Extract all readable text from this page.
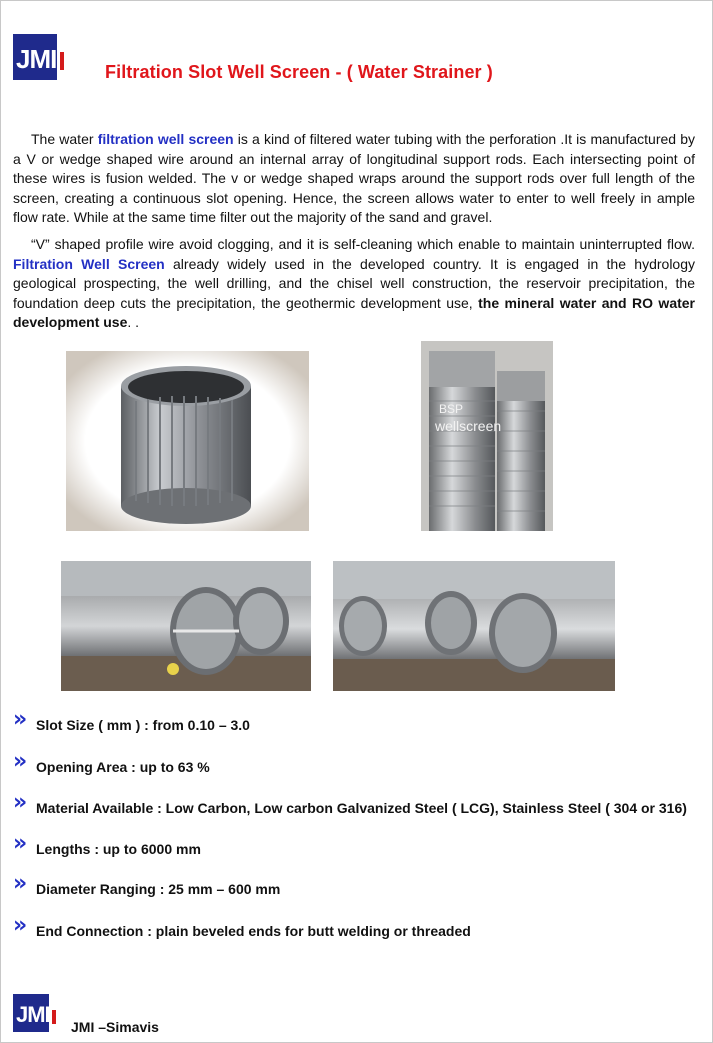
JMI	Filtration Slot Well Screen - ( Water Strainer )
The water filtration well screen is a kind of filtered water tubing with the perforation .It is manufactured by a V or wedge shaped wire around an internal array of longitudinal support rods. Each intersecting point of these wires is fusion welded. The v or wedge shaped wraps around the support rods over full length of the screen, creating a continuous slot opening. Hence, the screen allows water to enter to well freely in ample flow rate. While at the same time filter out the majority of the sand and gravel.
“V” shaped profile wire avoid clogging, and it is self-cleaning which enable to maintain uninterrupted flow. Filtration Well Screen already widely used in the developed country. It is engaged in the hydrology geological prospecting, the well drilling, and the chisel well construction, the reservoir precipitation, the foundation deep cuts the precipitation, the geothermic development use, the mineral water and RO water development use. .
BSP
wellscreen
» Slot Size ( mm ) : from 0.10 – 3.0
» Opening Area : up to 63 %
» Material Available : Low Carbon, Low carbon Galvanized Steel ( LCG), Stainless Steel ( 304 or 316)
» Lengths : up to 6000 mm
» Diameter Ranging : 25 mm – 600 mm
» End Connection : plain beveled ends for butt welding or threaded
JMI JMI –Simavis
